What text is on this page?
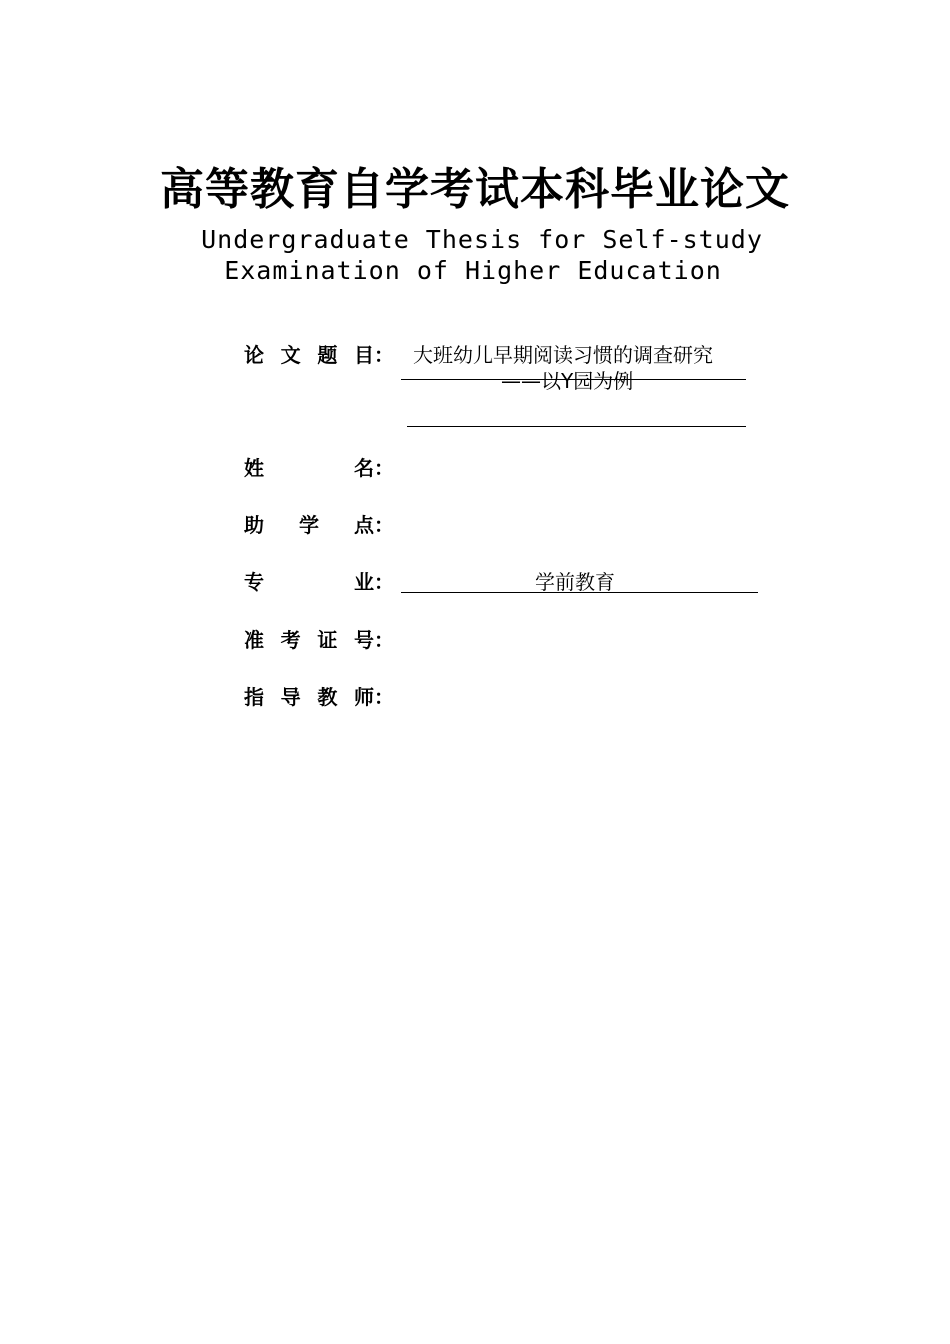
高等教育自学考试本科毕业论文
Undergraduate Thesis for Self-study
Examination of Higher Education
论 文 题 目： 大班幼儿早期阅读习惯的调查研究
——以Y园为例
姓	名：
助 学 点：
专	业：	学前教育
准 考 证 号：
指 导 教 师：
